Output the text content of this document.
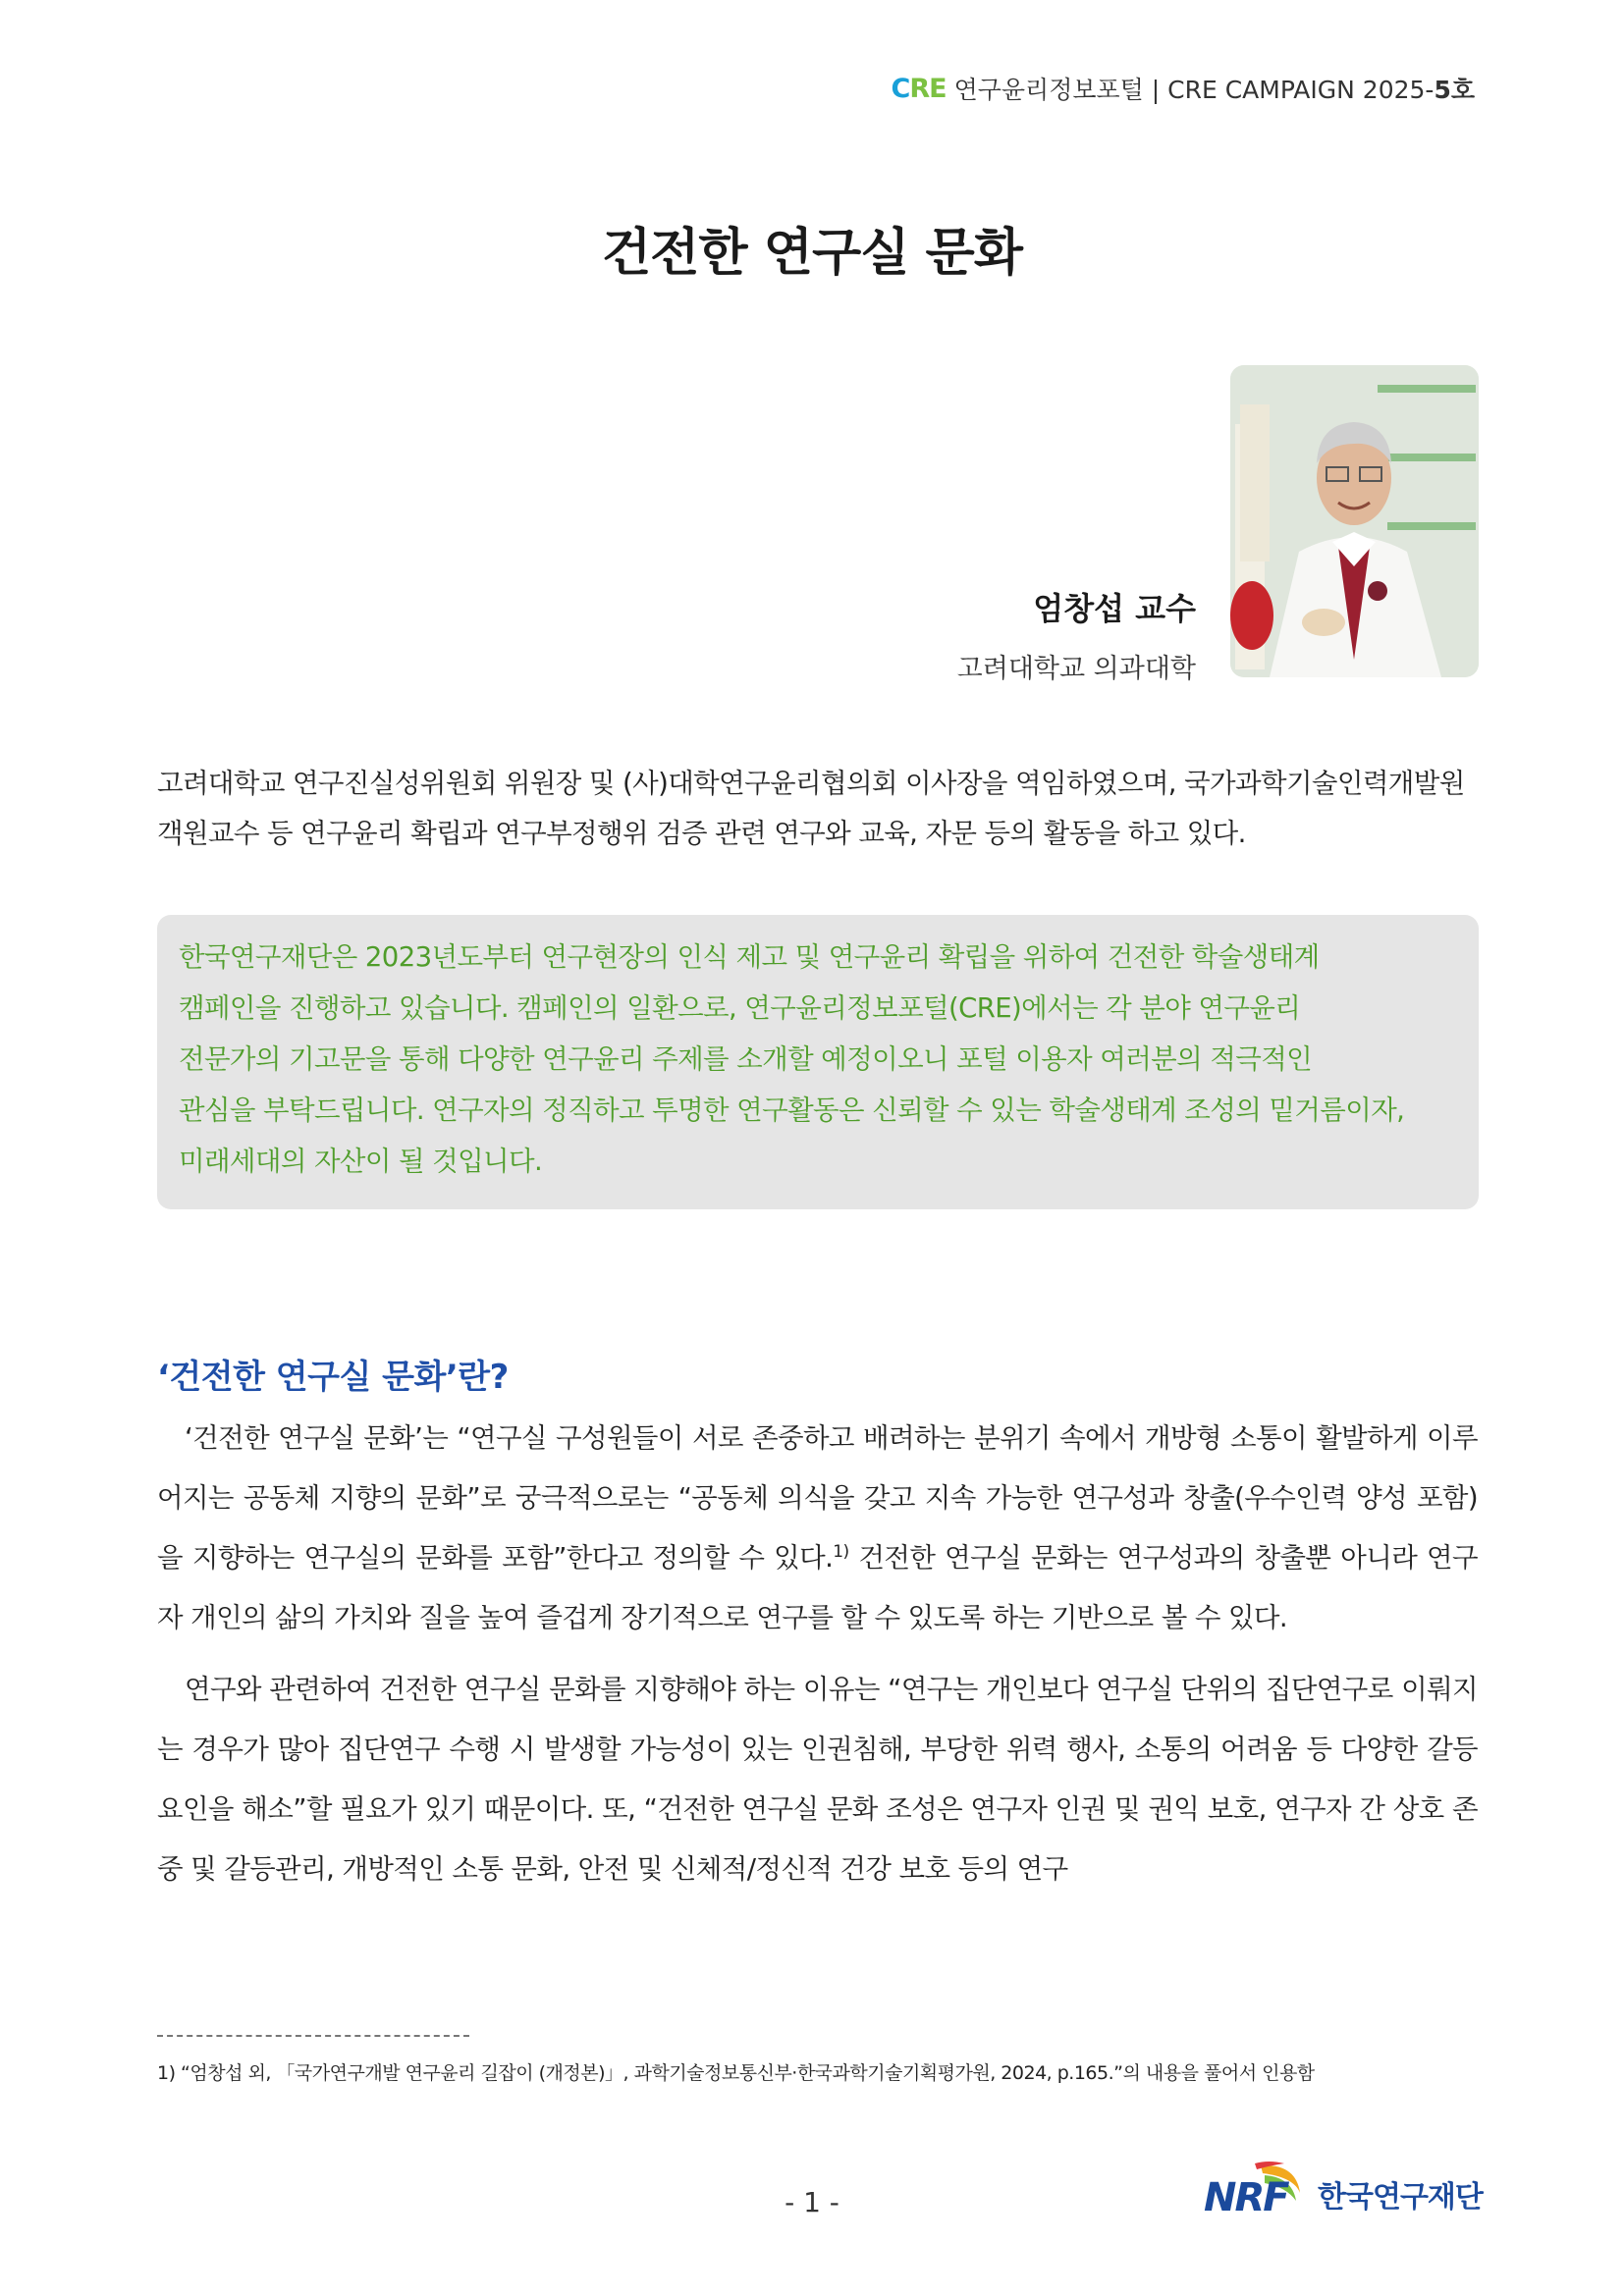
CRE 연구윤리정보포털 | CRE CAMPAIGN 2025-5호
건전한 연구실 문화
엄창섭 교수
고려대학교 의과대학
고려대학교 연구진실성위원회 위원장 및 (사)대학연구윤리협의회 이사장을 역임하였으며, 국가과학기술인력개발원 객원교수 등 연구윤리 확립과 연구부정행위 검증 관련 연구와 교육, 자문 등의 활동을 하고 있다.

한국연구재단은 2023년도부터 연구현장의 인식 제고 및 연구윤리 확립을 위하여 건전한 학술생태계

캠페인을 진행하고 있습니다. 캠페인의 일환으로, 연구윤리정보포털(CRE)에서는 각 분야 연구윤리

전문가의 기고문을 통해 다양한 연구윤리 주제를 소개할 예정이오니 포털 이용자 여러분의 적극적인

관심을 부탁드립니다. 연구자의 정직하고 투명한 연구활동은 신뢰할 수 있는 학술생태계 조성의 밑거름이자,

미래세대의 자산이 될 것입니다.

‘건전한 연구실 문화’란?

‘건전한 연구실 문화’는 “연구실 구성원들이 서로 존중하고 배려하는 분위기 속에서 개방형 소통이 활발하게 이루어지는 공동체 지향의 문화”로 궁극적으로는 “공동체 의식을 갖고 지속 가능한 연구성과 창출(우수인력 양성 포함)을 지향하는 연구실의 문화를 포함”한다고 정의할 수 있다.$^{1)}$ 건전한 연구실 문화는 연구성과의 창출뿐 아니라 연구자 개인의 삶의 가치와 질을 높여 즐겁게 장기적으로 연구를 할 수 있도록 하는 기반으로 볼 수 있다.

연구와 관련하여 건전한 연구실 문화를 지향해야 하는 이유는 “연구는 개인보다 연구실 단위의 집단연구로 이뤄지는 경우가 많아 집단연구 수행 시 발생할 가능성이 있는 인권침해, 부당한 위력 행사, 소통의 어려움 등 다양한 갈등 요인을 해소”할 필요가 있기 때문이다. 또, “건전한 연구실 문화 조성은 연구자 인권 및 권익 보호, 연구자 간 상호 존중 및 갈등관리, 개방적인 소통 문화, 안전 및 신체적/정신적 건강 보호 등의 연구

1) “엄창섭 외, 「국가연구개발 연구윤리 길잡이 (개정본)」, 과학기술정보통신부·한국과학기술기획평가원, 2024, p.165.”의 내용을 풀어서 인용함
- 1 -	NRF 한국연구재단
